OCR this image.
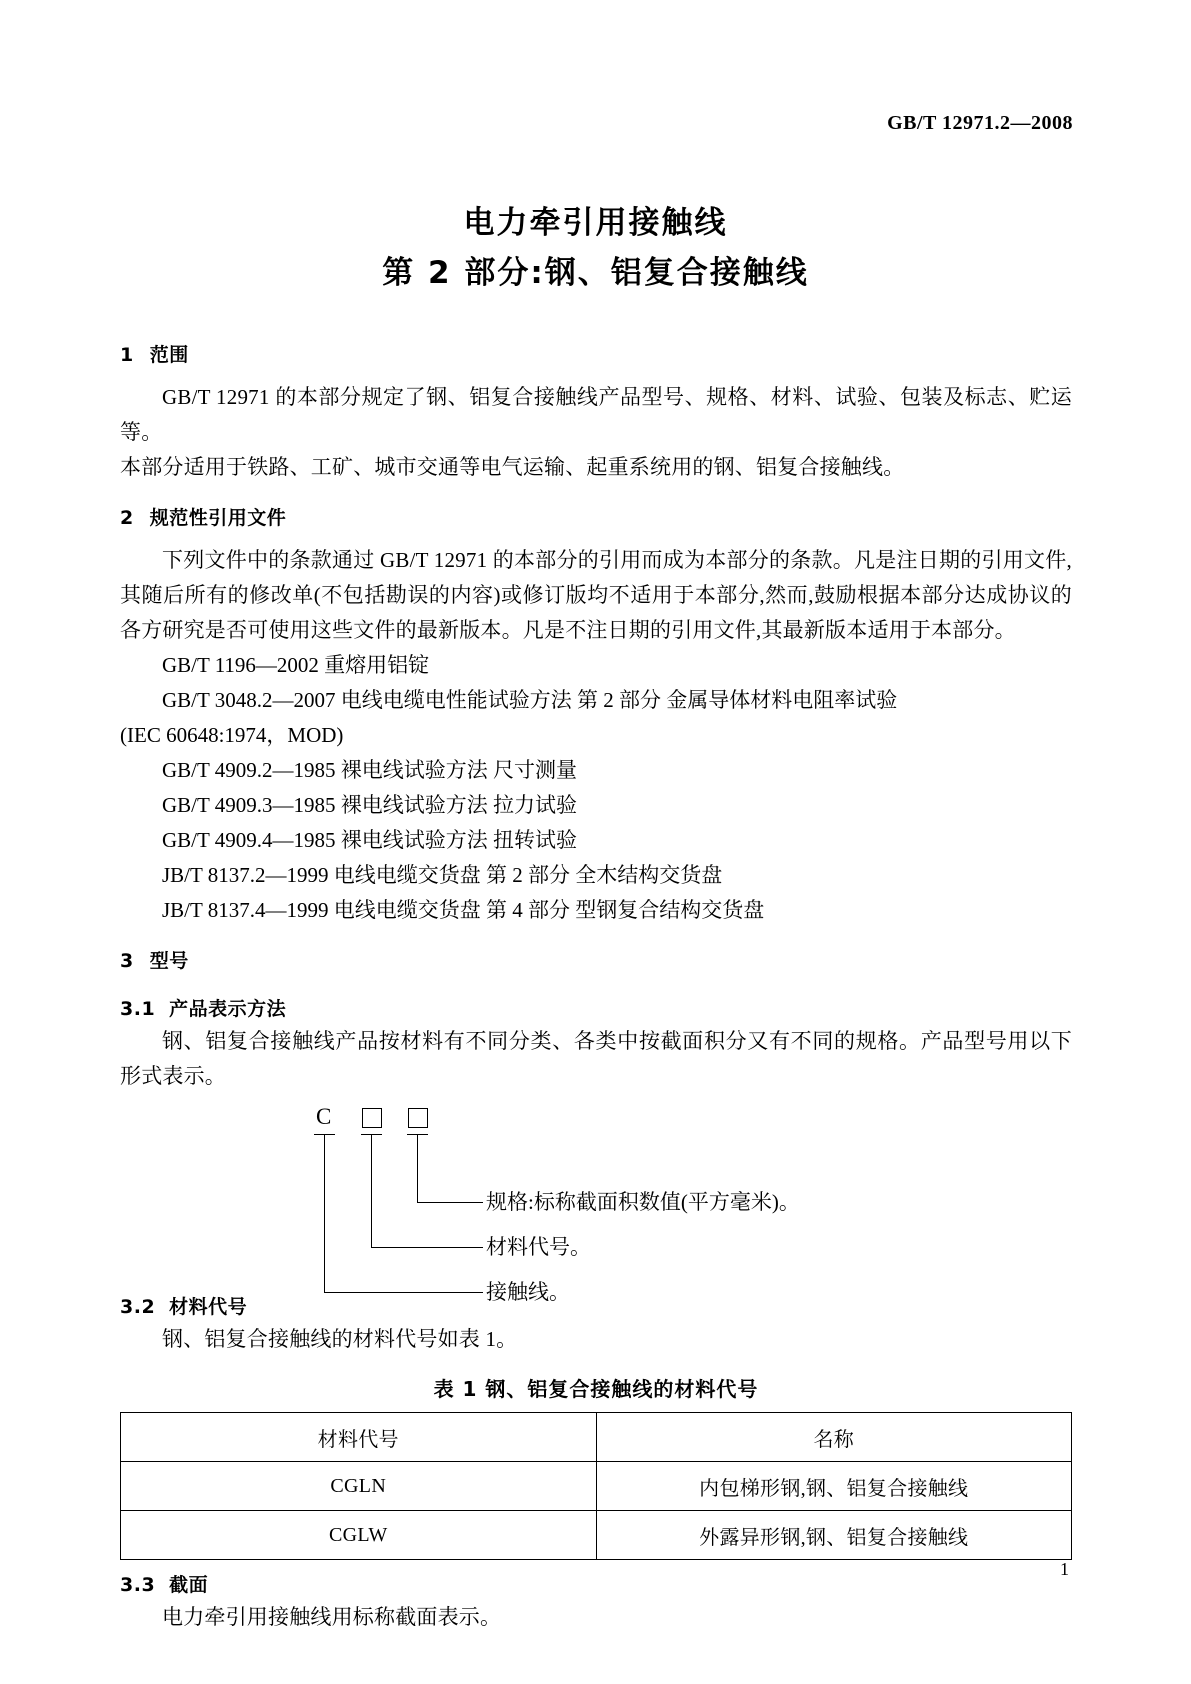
GB/T 12971.2—2008
电力牵引用接触线
第 2 部分:钢、铝复合接触线
1 范围

GB/T 12971 的本部分规定了钢、铝复合接触线产品型号、规格、材料、试验、包装及标志、贮运等。

本部分适用于铁路、工矿、城市交通等电气运输、起重系统用的钢、铝复合接触线。

2 规范性引用文件

下列文件中的条款通过 GB/T 12971 的本部分的引用而成为本部分的条款。凡是注日期的引用文件,其随后所有的修改单(不包括勘误的内容)或修订版均不适用于本部分,然而,鼓励根据本部分达成协议的各方研究是否可使用这些文件的最新版本。凡是不注日期的引用文件,其最新版本适用于本部分。

GB/T 1196—2002 重熔用铝锭

GB/T 3048.2—2007 电线电缆电性能试验方法 第 2 部分 金属导体材料电阻率试验

(IEC 60648:1974，MOD)

GB/T 4909.2—1985 裸电线试验方法 尺寸测量

GB/T 4909.3—1985 裸电线试验方法 拉力试验

GB/T 4909.4—1985 裸电线试验方法 扭转试验

JB/T 8137.2—1999 电线电缆交货盘 第 2 部分 全木结构交货盘

JB/T 8137.4—1999 电线电缆交货盘 第 4 部分 型钢复合结构交货盘

3 型号
3.1 产品表示方法

钢、铝复合接触线产品按材料有不同分类、各类中按截面积分又有不同的规格。产品型号用以下形式表示。

C
规格:标称截面积数值(平方毫米)。
材料代号。
接触线。
3.2 材料代号

钢、铝复合接触线的材料代号如表 1。

表 1 钢、铝复合接触线的材料代号
材料代号	名称
CGLN	内包梯形钢,钢、铝复合接触线
CGLW	外露异形钢,钢、铝复合接触线
3.3 截面

电力牵引用接触线用标称截面表示。

1
